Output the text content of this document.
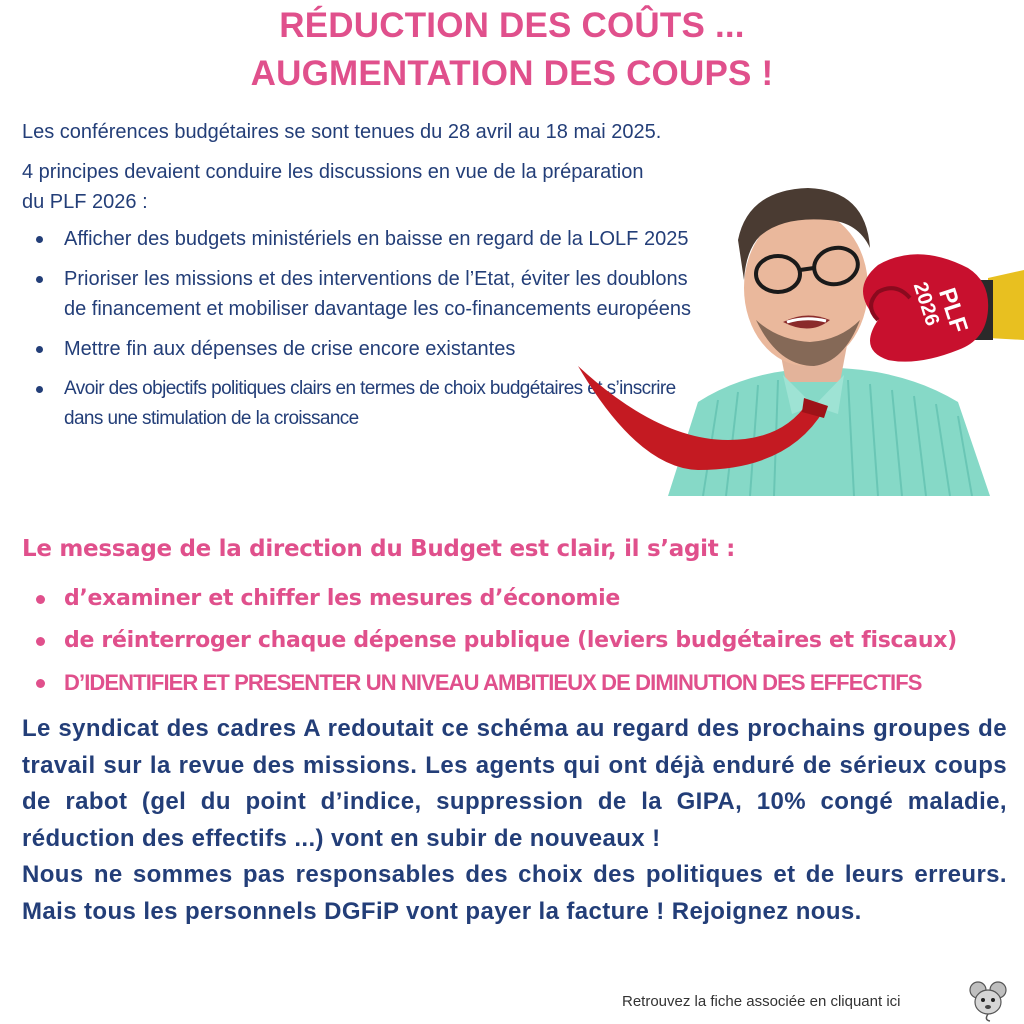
RÉDUCTION DES COÛTS ...
AUGMENTATION DES COUPS !
Les conférences budgétaires se sont tenues du 28 avril au 18 mai 2025.
4 principes devaient conduire les discussions en vue de la préparation du PLF 2026 :
Afficher des budgets ministériels en baisse en regard de la LOLF 2025
Prioriser les missions et des interventions de l’Etat, éviter les doublons de financement et mobiliser davantage les co-financements européens
Mettre fin aux dépenses de crise encore existantes
Avoir des objectifs politiques clairs en termes de choix budgétaires et s’inscrire dans une stimulation de la croissance
PLF
2026
Le message de la direction du Budget est clair, il s’agit :
d’examiner et chiffer les mesures d’économie
de réinterroger chaque dépense publique (leviers budgétaires et fiscaux)
D’IDENTIFIER ET PRESENTER UN NIVEAU AMBITIEUX DE DIMINUTION DES EFFECTIFS

Le syndicat des cadres A redoutait ce schéma au regard des prochains groupes de travail sur la revue des missions. Les agents qui ont déjà enduré de sérieux coups de rabot (gel du point d’indice, suppression de la GIPA, 10% congé maladie, réduction des effectifs ...) vont en subir de nouveaux !

Nous ne sommes pas responsables des choix des politiques et de leurs erreurs. Mais tous les personnels DGFiP vont payer la facture ! Rejoignez nous.

Retrouvez la fiche associée en cliquant ici
